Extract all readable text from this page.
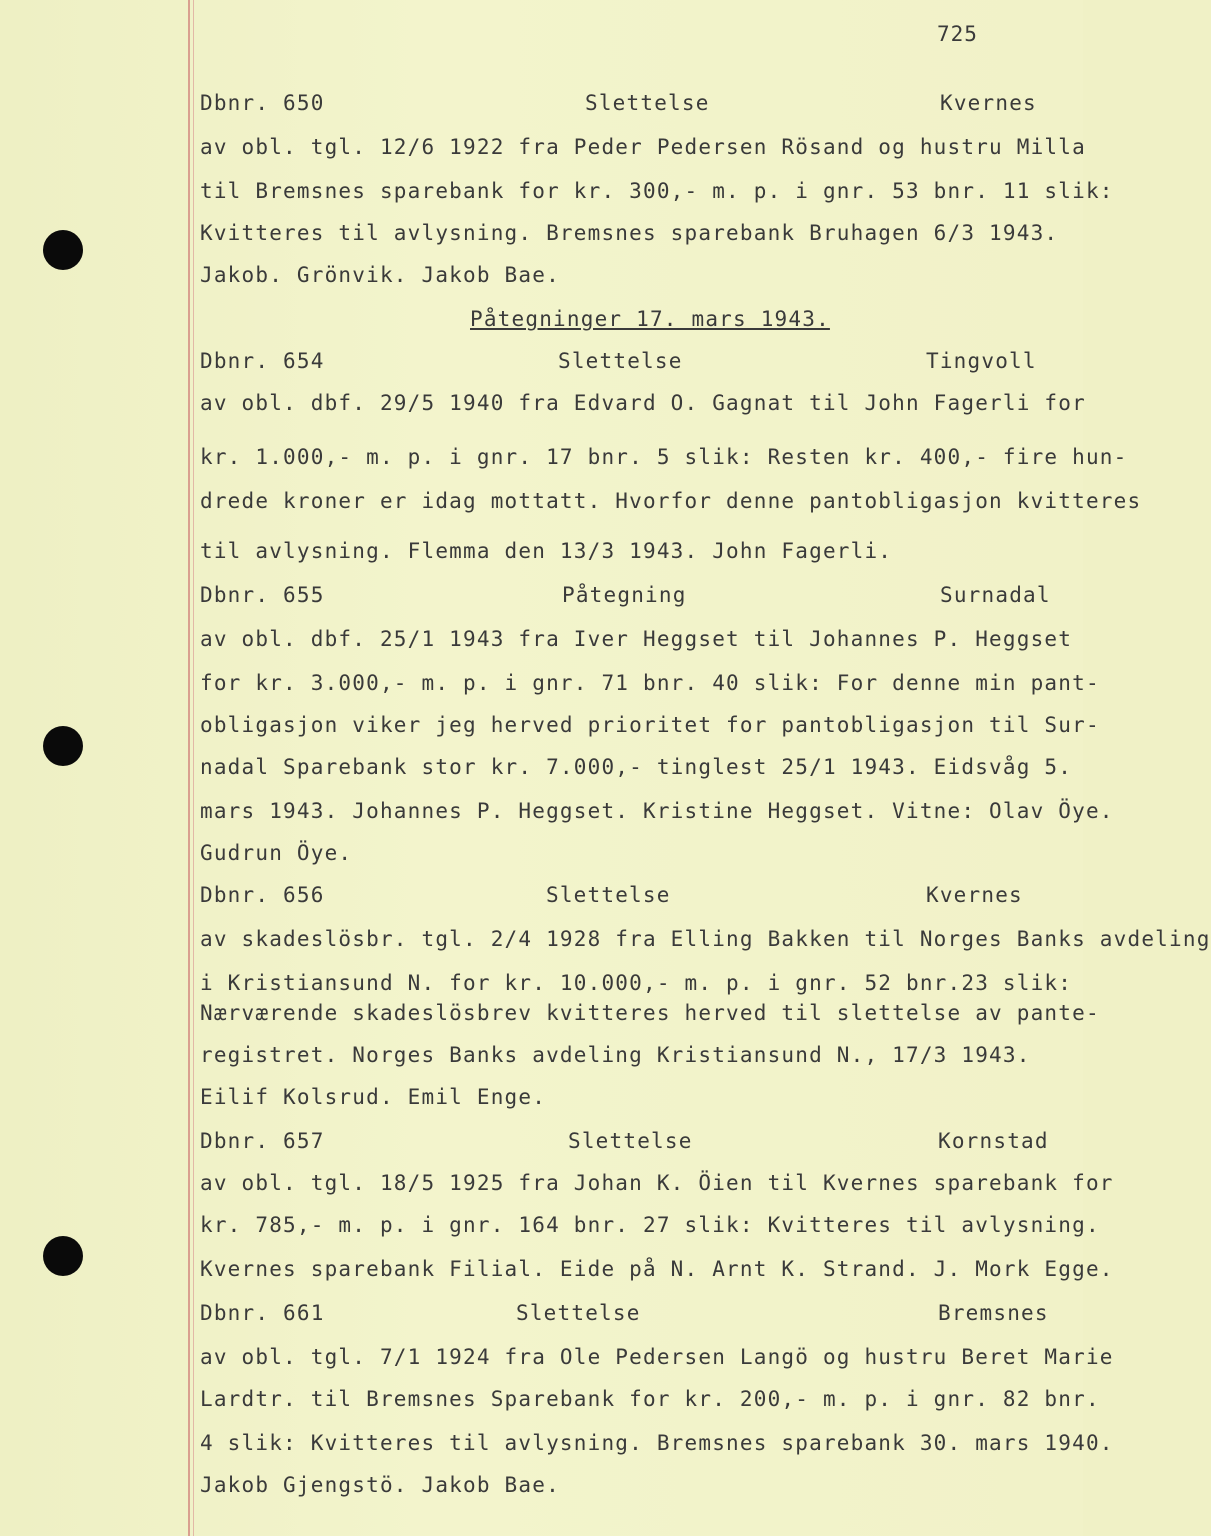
725
Dbnr. 650	Slettelse	Kvernes
av obl. tgl. 12/6 1922 fra Peder Pedersen Rösand og hustru Milla
til Bremsnes sparebank for kr. 300,- m. p. i gnr. 53 bnr. 11 slik:
Kvitteres til avlysning. Bremsnes sparebank Bruhagen 6/3 1943.
Jakob. Grönvik. Jakob Bae.
Påtegninger 17. mars 1943.
Dbnr. 654	Slettelse	Tingvoll
av obl. dbf. 29/5 1940 fra Edvard O. Gagnat til John Fagerli for
kr. 1.000,- m. p. i gnr. 17 bnr. 5 slik: Resten kr. 400,- fire hun-
drede kroner er idag mottatt. Hvorfor denne pantobligasjon kvitteres
til avlysning. Flemma den 13/3 1943. John Fagerli.
Dbnr. 655	Påtegning	Surnadal
av obl. dbf. 25/1 1943 fra Iver Heggset til Johannes P. Heggset
for kr. 3.000,- m. p. i gnr. 71 bnr. 40 slik: For denne min pant-
obligasjon viker jeg herved prioritet for pantobligasjon til Sur-
nadal Sparebank stor kr. 7.000,- tinglest 25/1 1943. Eidsvåg 5.
mars 1943. Johannes P. Heggset. Kristine Heggset. Vitne: Olav Öye.
Gudrun Öye.
Dbnr. 656	Slettelse	Kvernes
av skadeslösbr. tgl. 2/4 1928 fra Elling Bakken til Norges Banks avdeling
i Kristiansund N. for kr. 10.000,- m. p. i gnr. 52 bnr.23 slik:
Nærværende skadeslösbrev kvitteres herved til slettelse av pante-
registret. Norges Banks avdeling Kristiansund N., 17/3 1943.
Eilif Kolsrud. Emil Enge.
Dbnr. 657	Slettelse	Kornstad
av obl. tgl. 18/5 1925 fra Johan K. Öien til Kvernes sparebank for
kr. 785,- m. p. i gnr. 164 bnr. 27 slik: Kvitteres til avlysning.
Kvernes sparebank Filial. Eide på N. Arnt K. Strand. J. Mork Egge.
Dbnr. 661	Slettelse	Bremsnes
av obl. tgl. 7/1 1924 fra Ole Pedersen Langö og hustru Beret Marie
Lardtr. til Bremsnes Sparebank for kr. 200,- m. p. i gnr. 82 bnr.
4 slik: Kvitteres til avlysning. Bremsnes sparebank 30. mars 1940.
Jakob Gjengstö. Jakob Bae.
